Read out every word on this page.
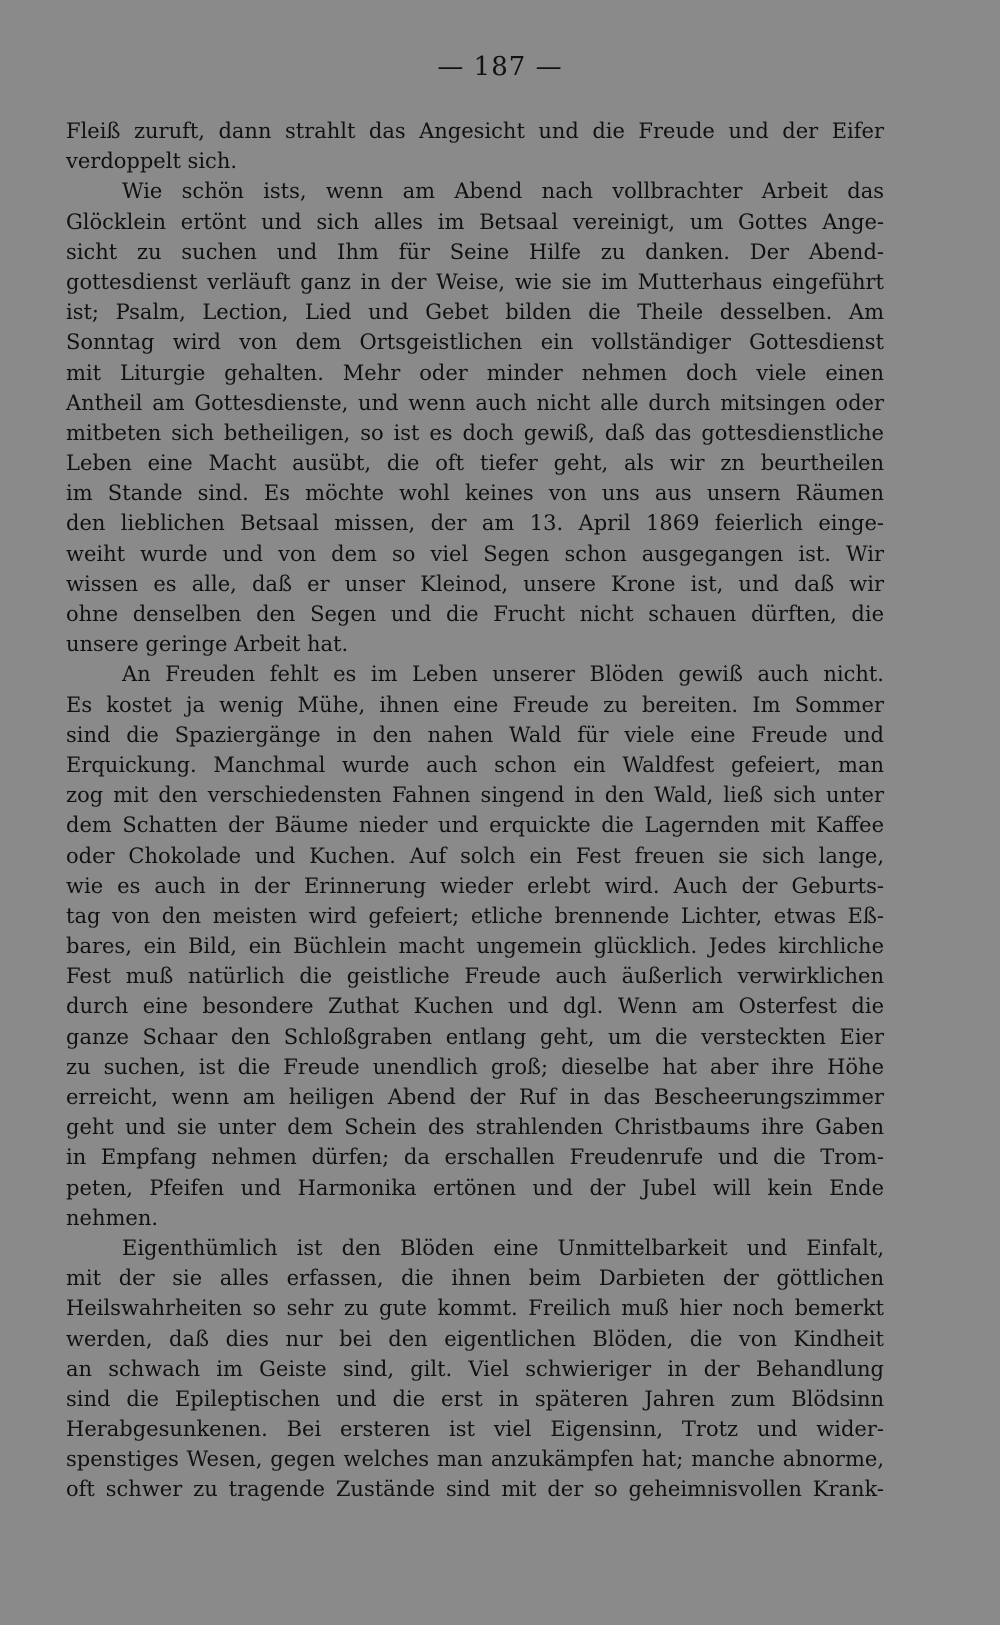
— 187 —
Fleiß zuruft, dann strahlt das Angesicht und die Freude und der Eifer
verdoppelt sich.
Wie schön ists, wenn am Abend nach vollbrachter Arbeit das
Glöcklein ertönt und sich alles im Betsaal vereinigt, um Gottes Ange-
sicht zu suchen und Ihm für Seine Hilfe zu danken. Der Abend-
gottesdienst verläuft ganz in der Weise, wie sie im Mutterhaus eingeführt
ist; Psalm, Lection, Lied und Gebet bilden die Theile desselben. Am
Sonntag wird von dem Ortsgeistlichen ein vollständiger Gottesdienst
mit Liturgie gehalten. Mehr oder minder nehmen doch viele einen
Antheil am Gottesdienste, und wenn auch nicht alle durch mitsingen oder
mitbeten sich betheiligen, so ist es doch gewiß, daß das gottesdienstliche
Leben eine Macht ausübt, die oft tiefer geht, als wir zn beurtheilen
im Stande sind. Es möchte wohl keines von uns aus unsern Räumen
den lieblichen Betsaal missen, der am 13. April 1869 feierlich einge-
weiht wurde und von dem so viel Segen schon ausgegangen ist. Wir
wissen es alle, daß er unser Kleinod, unsere Krone ist, und daß wir
ohne denselben den Segen und die Frucht nicht schauen dürften, die
unsere geringe Arbeit hat.
An Freuden fehlt es im Leben unserer Blöden gewiß auch nicht.
Es kostet ja wenig Mühe, ihnen eine Freude zu bereiten. Im Sommer
sind die Spaziergänge in den nahen Wald für viele eine Freude und
Erquickung. Manchmal wurde auch schon ein Waldfest gefeiert, man
zog mit den verschiedensten Fahnen singend in den Wald, ließ sich unter
dem Schatten der Bäume nieder und erquickte die Lagernden mit Kaffee
oder Chokolade und Kuchen. Auf solch ein Fest freuen sie sich lange,
wie es auch in der Erinnerung wieder erlebt wird. Auch der Geburts-
tag von den meisten wird gefeiert; etliche brennende Lichter, etwas Eß-
bares, ein Bild, ein Büchlein macht ungemein glücklich. Jedes kirchliche
Fest muß natürlich die geistliche Freude auch äußerlich verwirklichen
durch eine besondere Zuthat Kuchen und dgl. Wenn am Osterfest die
ganze Schaar den Schloßgraben entlang geht, um die versteckten Eier
zu suchen, ist die Freude unendlich groß; dieselbe hat aber ihre Höhe
erreicht, wenn am heiligen Abend der Ruf in das Bescheerungszimmer
geht und sie unter dem Schein des strahlenden Christbaums ihre Gaben
in Empfang nehmen dürfen; da erschallen Freudenrufe und die Trom-
peten, Pfeifen und Harmonika ertönen und der Jubel will kein Ende
nehmen.
Eigenthümlich ist den Blöden eine Unmittelbarkeit und Einfalt,
mit der sie alles erfassen, die ihnen beim Darbieten der göttlichen
Heilswahrheiten so sehr zu gute kommt. Freilich muß hier noch bemerkt
werden, daß dies nur bei den eigentlichen Blöden, die von Kindheit
an schwach im Geiste sind, gilt. Viel schwieriger in der Behandlung
sind die Epileptischen und die erst in späteren Jahren zum Blödsinn
Herabgesunkenen. Bei ersteren ist viel Eigensinn, Trotz und wider-
spenstiges Wesen, gegen welches man anzukämpfen hat; manche abnorme,
oft schwer zu tragende Zustände sind mit der so geheimnisvollen Krank-
